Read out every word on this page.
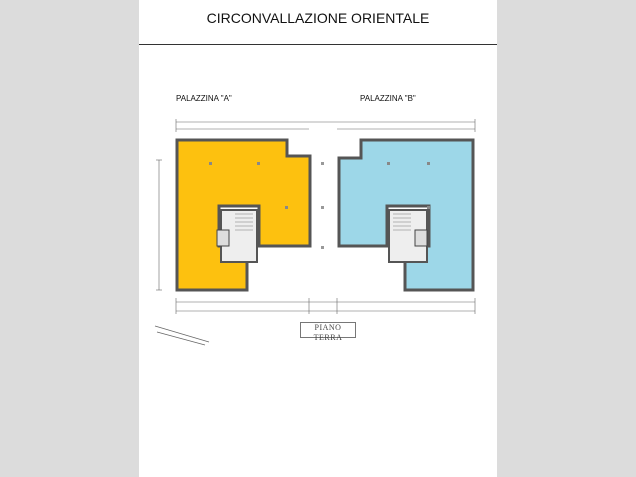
CIRCONVALLAZIONE ORIENTALE
PALAZZINA "A"	PALAZZINA "B"
PIANO TERRA
